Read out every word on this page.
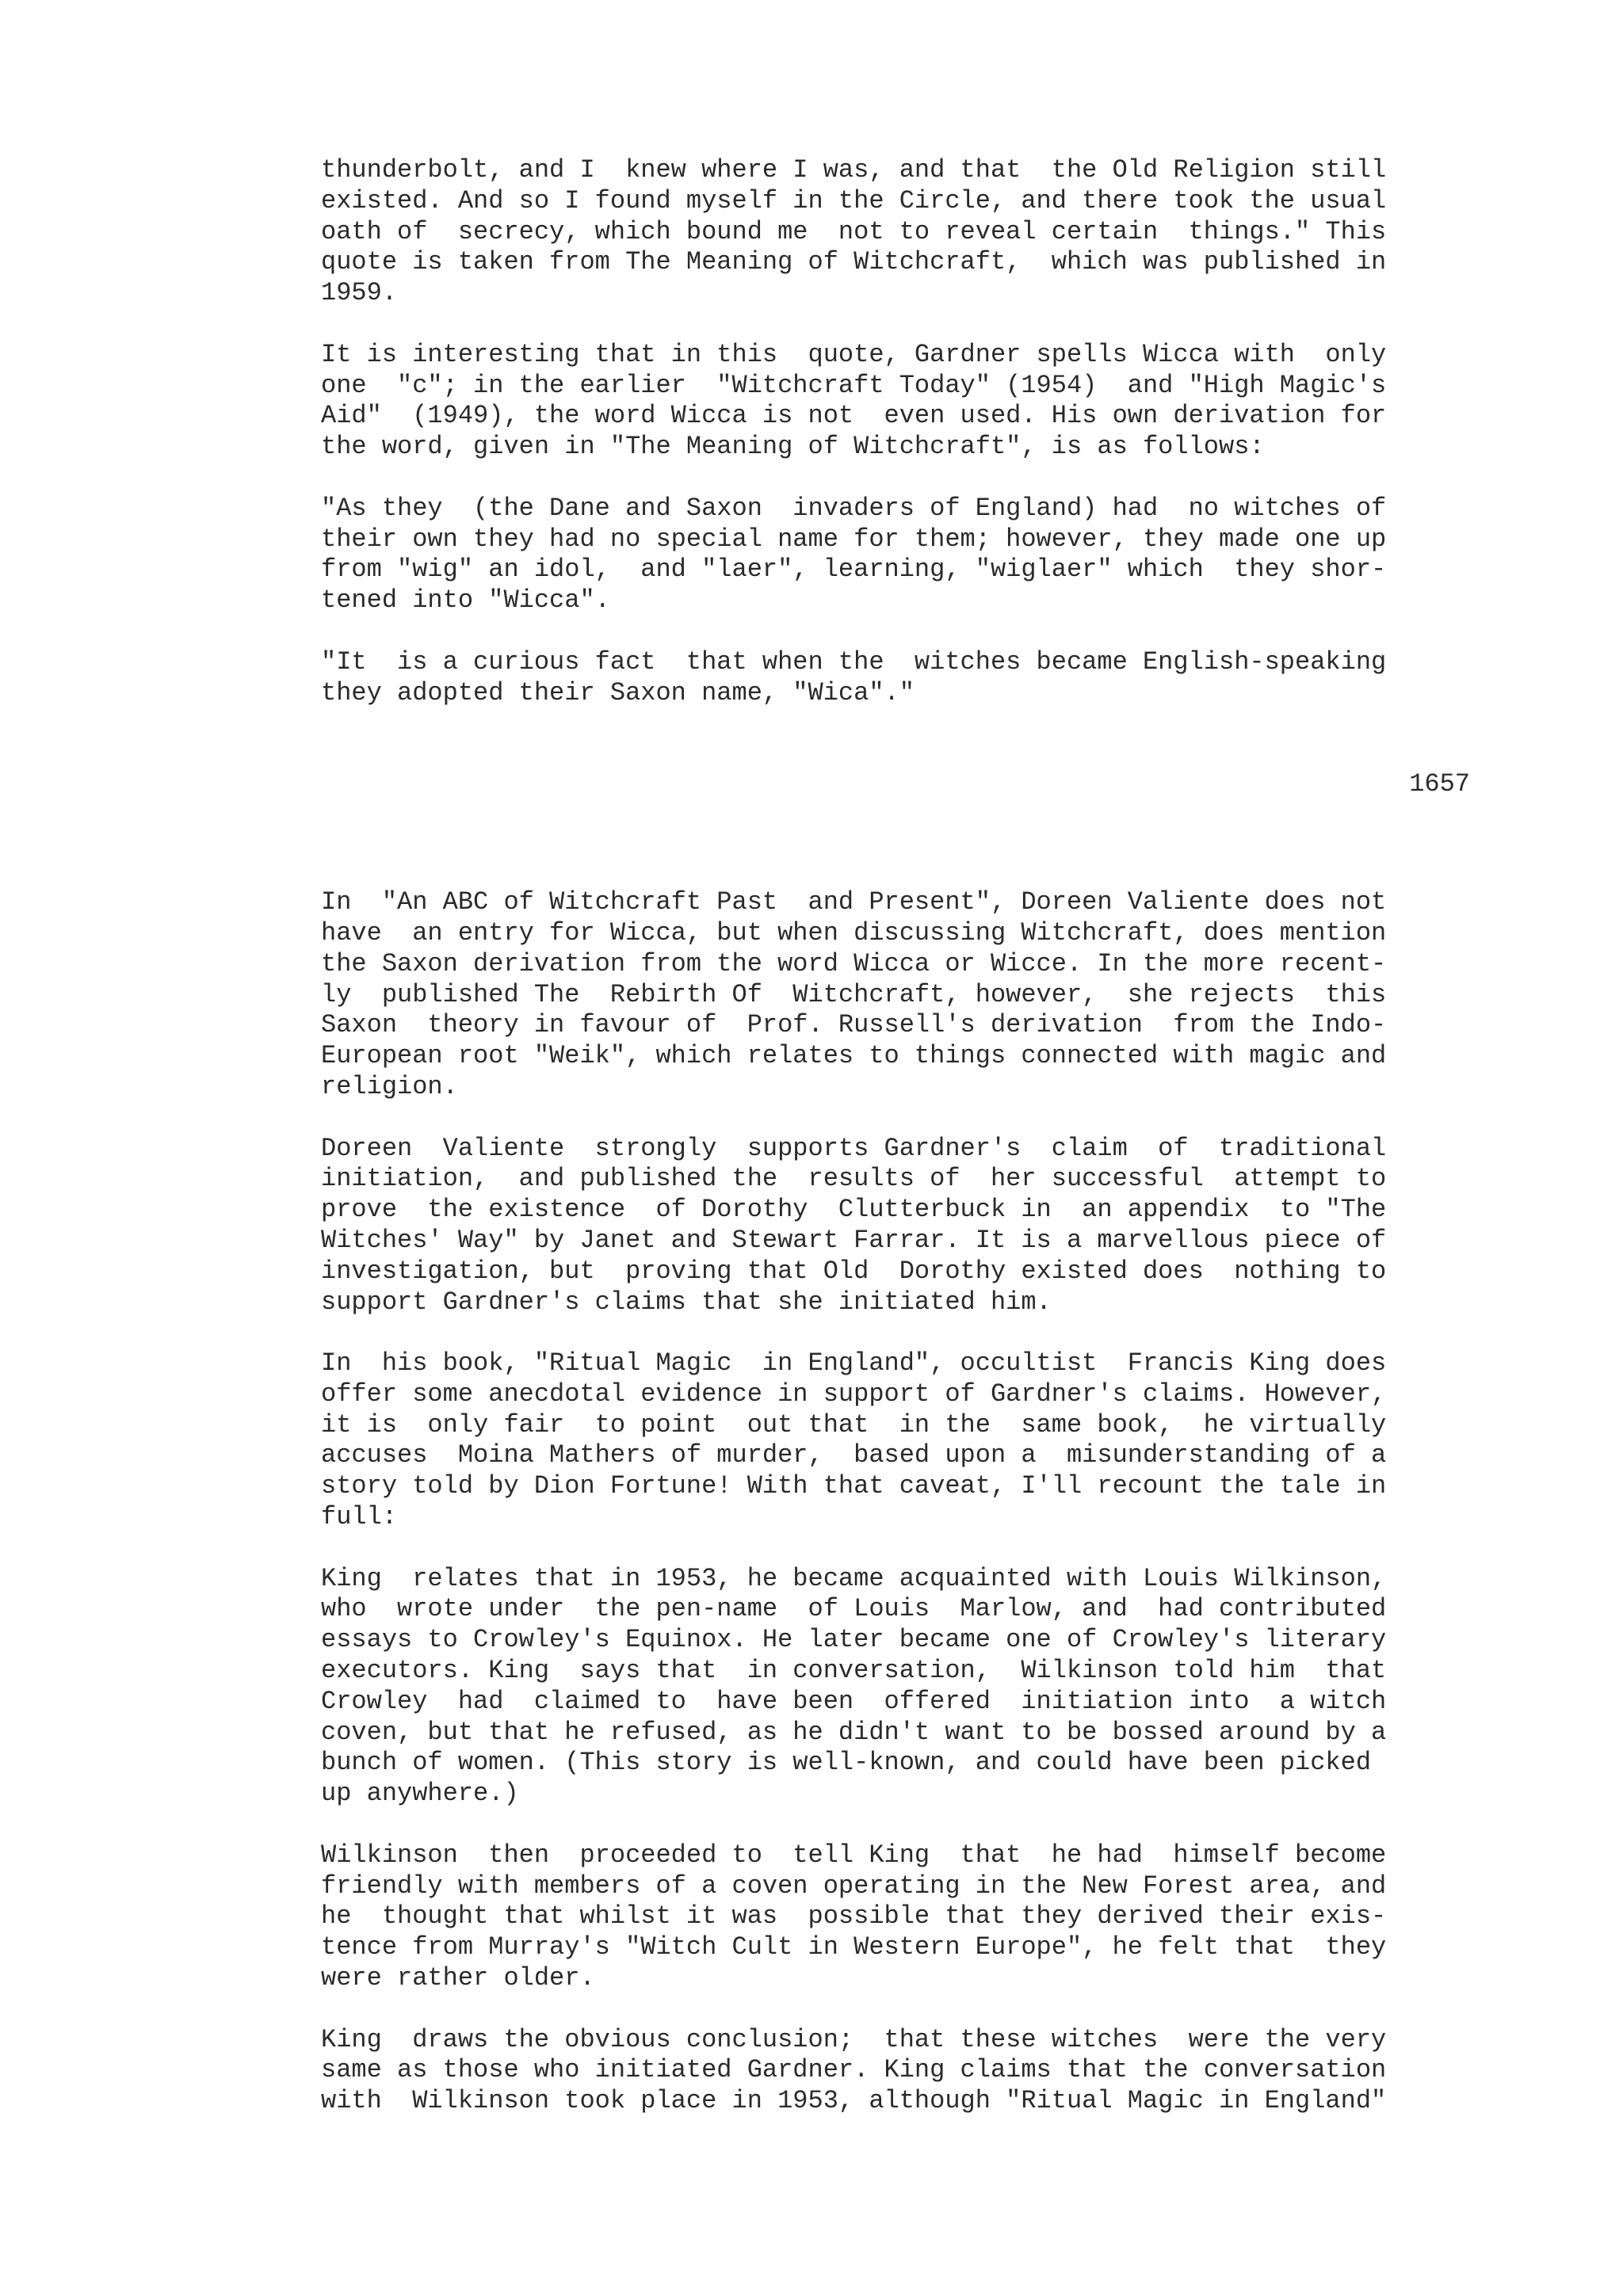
thunderbolt, and I  knew where I was, and that  the Old Religion still
existed. And so I found myself in the Circle, and there took the usual
oath of  secrecy, which bound me  not to reveal certain  things." This
quote is taken from The Meaning of Witchcraft,  which was published in
1959.
It is interesting that in this  quote, Gardner spells Wicca with  only
one  "c"; in the earlier  "Witchcraft Today" (1954)  and "High Magic's
Aid"  (1949), the word Wicca is not  even used. His own derivation for
the word, given in "The Meaning of Witchcraft", is as follows:
"As they  (the Dane and Saxon  invaders of England) had  no witches of
their own they had no special name for them; however, they made one up
from "wig" an idol,  and "laer", learning, "wiglaer" which  they shor-
tened into "Wicca".
"It  is a curious fact  that when the  witches became English-speaking
they adopted their Saxon name, "Wica"."
1657
In  "An ABC of Witchcraft Past  and Present", Doreen Valiente does not
have  an entry for Wicca, but when discussing Witchcraft, does mention
the Saxon derivation from the word Wicca or Wicce. In the more recent-
ly  published The  Rebirth Of  Witchcraft, however,  she rejects  this
Saxon  theory in favour of  Prof. Russell's derivation  from the Indo-
European root "Weik", which relates to things connected with magic and
religion.
Doreen  Valiente  strongly  supports Gardner's  claim  of  traditional
initiation,  and published the  results of  her successful  attempt to
prove  the existence  of Dorothy  Clutterbuck in  an appendix  to "The
Witches' Way" by Janet and Stewart Farrar. It is a marvellous piece of
investigation, but  proving that Old  Dorothy existed does  nothing to
support Gardner's claims that she initiated him.
In  his book, "Ritual Magic  in England", occultist  Francis King does
offer some anecdotal evidence in support of Gardner's claims. However,
it is  only fair  to point  out that  in the  same book,  he virtually
accuses  Moina Mathers of murder,  based upon a  misunderstanding of a
story told by Dion Fortune! With that caveat, I'll recount the tale in
full:
King  relates that in 1953, he became acquainted with Louis Wilkinson,
who  wrote under  the pen-name  of Louis  Marlow, and  had contributed
essays to Crowley's Equinox. He later became one of Crowley's literary
executors. King  says that  in conversation,  Wilkinson told him  that
Crowley  had  claimed to  have been  offered  initiation into  a witch
coven, but that he refused, as he didn't want to be bossed around by a
bunch of women. (This story is well-known, and could have been picked
up anywhere.)
Wilkinson  then  proceeded to  tell King  that  he had  himself become
friendly with members of a coven operating in the New Forest area, and
he  thought that whilst it was  possible that they derived their exis-
tence from Murray's "Witch Cult in Western Europe", he felt that  they
were rather older.
King  draws the obvious conclusion;  that these witches  were the very
same as those who initiated Gardner. King claims that the conversation
with  Wilkinson took place in 1953, although "Ritual Magic in England"
